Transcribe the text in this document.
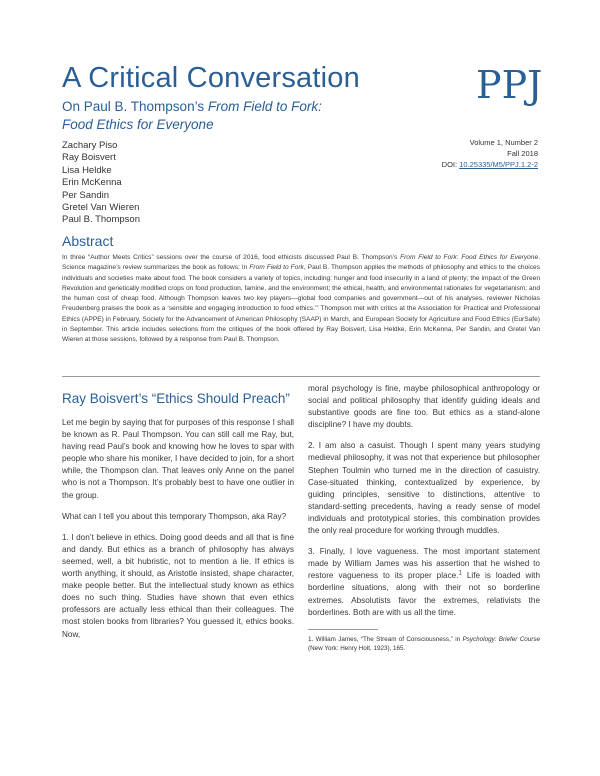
A Critical Conversation
On Paul B. Thompson’s From Field to Fork:
Food Ethics for Everyone
PPJ
Volume 1, Number 2
Fall 2018
DOI: 10.25335/M5/PPJ.1.2-2
Zachary Piso
Ray Boisvert
Lisa Heldke
Erin McKenna
Per Sandin
Gretel Van Wieren
Paul B. Thompson
Abstract

In three “Author Meets Critics” sessions over the course of 2016, food ethicists discussed Paul B. Thompson’s From Field to Fork: Food Ethics for Everyone. Science magazine’s review summarizes the book as follows: In From Field to Fork, Paul B. Thompson applies the methods of philosophy and ethics to the choices individuals and societies make about food. The book considers a variety of topics, including: hunger and food insecurity in a land of plenty; the impact of the Green Revolution and genetically modified crops on food production, famine, and the environment; the ethical, health, and environmental rationales for vegetarianism; and the human cost of cheap food. Although Thompson leaves two key players—global food companies and government—out of his analyses, reviewer Nicholas Freudenberg praises the book as a ‘sensible and engaging introduction to food ethics.’” Thompson met with critics at the Association for Practical and Professional Ethics (APPE) in February, Society for the Advancement of American Philosophy (SAAP) in March, and European Society for Agriculture and Food Ethics (EurSafe) in September. This article includes selections from the critiques of the book offered by Ray Boisvert, Lisa Heldke, Erin McKenna, Per Sandin, and Gretel Van Wieren at those sessions, followed by a response from Paul B. Thompson.

Ray Boisvert’s “Ethics Should Preach”

Let me begin by saying that for purposes of this response I shall be known as R. Paul Thompson. You can still call me Ray, but, having read Paul’s book and knowing how he loves to spar with people who share his moniker, I have decided to join, for a short while, the Thompson clan. That leaves only Anne on the panel who is not a Thompson. It’s probably best to have one outlier in the group.

What can I tell you about this temporary Thompson, aka Ray?

1. I don’t believe in ethics. Doing good deeds and all that is fine and dandy. But ethics as a branch of philosophy has always seemed, well, a bit hubristic, not to mention a lie. If ethics is worth anything, it should, as Aristotle insisted, shape character, make people better. But the intellectual study known as ethics does no such thing. Studies have shown that even ethics professors are actually less ethical than their colleagues. The most stolen books from libraries? You guessed it, ethics books. Now,

moral psychology is fine, maybe philosophical anthropology or social and political philosophy that identify guiding ideals and substantive goods are fine too. But ethics as a stand-alone discipline? I have my doubts.

2. I am also a casuist. Though I spent many years studying medieval philosophy, it was not that experience but philosopher Stephen Toulmin who turned me in the direction of casuistry. Case-situated thinking, contextualized by experience, by guiding principles, sensitive to distinctions, attentive to standard-setting precedents, having a ready sense of model individuals and prototypical stories, this combination provides the only real procedure for working through muddles.

3. Finally, I love vagueness. The most important statement made by William James was his assertion that he wished to restore vagueness to its proper place.$^1$ Life is loaded with borderline situations, along with their not so borderline extremes. Absolutists favor the extremes, relativists the borderlines. Both are with us all the time.

1. William James, “The Stream of Consciousness,” in Psychology: Briefer Course (New York: Henry Holt, 1923), 165.
